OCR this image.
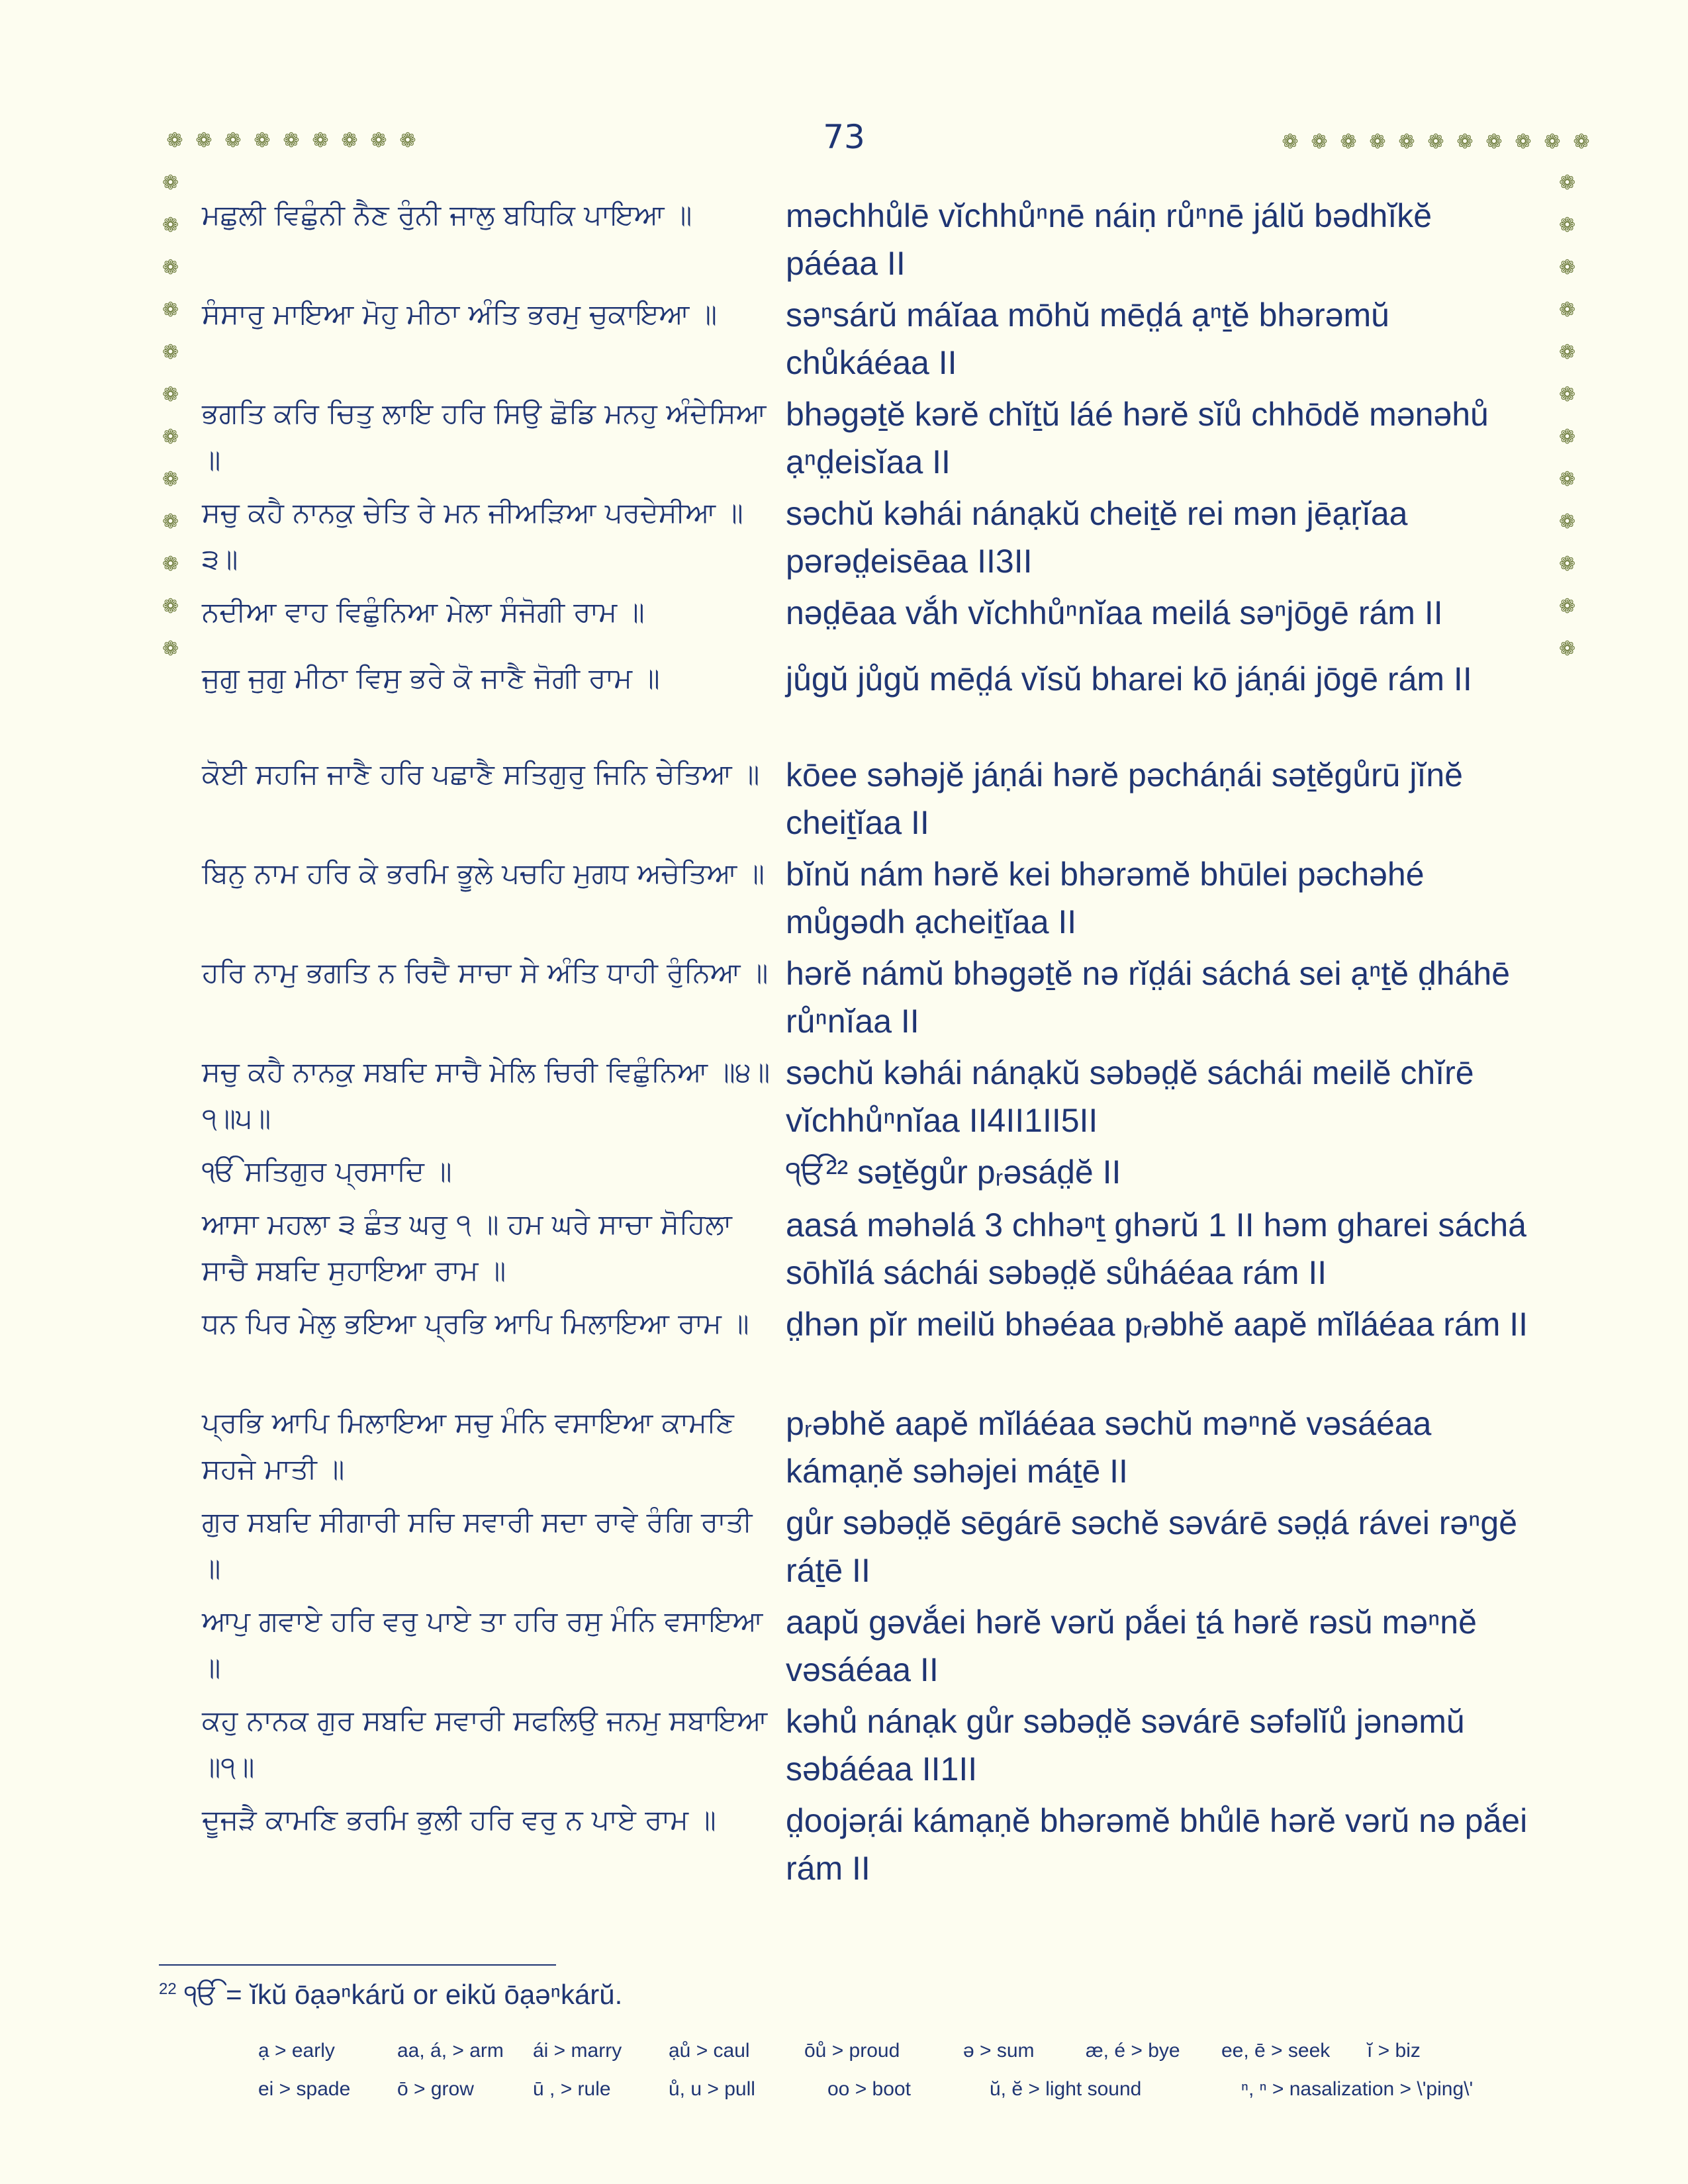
73
❁ ❁ ❁ ❁ ❁ ❁ ❁ ❁ ❁	❁ ❁ ❁ ❁ ❁ ❁ ❁ ❁ ❁ ❁ ❁
❁
❁
❁
❁
❁
❁
❁
❁
❁
❁
❁
❁
❁
❁
❁
❁
❁
❁
❁
❁
❁
❁
❁
❁
ਮਛੁਲੀ ਵਿਛੁੰਨੀ ਨੈਣ ਰੁੰਨੀ ਜਾਲੁ ਬਧਿਕਿ ਪਾਇਆ ॥	məchhůlē vĭchhůⁿnē náiṇ růⁿnē jálŭ bədhĭkĕ páéaa II
ਸੰਸਾਰੁ ਮਾਇਆ ਮੋਹੁ ਮੀਠਾ ਅੰਤਿ ਭਰਮੁ ਚੁਕਾਇਆ ॥	səⁿsárŭ máĭaa mōhŭ mēd̤á ạⁿṯĕ bhərəmŭ chůkáéaa II
ਭਗਤਿ ਕਰਿ ਚਿਤੁ ਲਾਇ ਹਰਿ ਸਿਉ ਛੋਡਿ ਮਨਹੁ ਅੰਦੇਸਿਆ ॥
bhəgəṯĕ kərĕ chĭṯŭ láé hərĕ sĭů chhōdĕ mənəhů ạⁿd̤eisĭaa II
ਸਚੁ ਕਹੈ ਨਾਨਕੁ ਚੇਤਿ ਰੇ ਮਨ ਜੀਅੜਿਆ ਪਰਦੇਸੀਆ ॥੩॥
səchŭ kəhái nánạkŭ cheiṯĕ rei mən jēạṛĭaa pərəd̤eisēaa II3II
ਨਦੀਆ ਵਾਹ ਵਿਛੁੰਨਿਆ ਮੇਲਾ ਸੰਜੋਗੀ ਰਾਮ ॥	nəd̤ēaa vắh vĭchhůⁿnĭaa meilá səⁿjōgē rám II
ਜੁਗੁ ਜੁਗੁ ਮੀਠਾ ਵਿਸੁ ਭਰੇ ਕੋ ਜਾਣੈ ਜੋਗੀ ਰਾਮ ॥	jůgŭ jůgŭ mēd̤á vĭsŭ bharei kō jáṇái jōgē rám II
ਕੋਈ ਸਹਜਿ ਜਾਣੈ ਹਰਿ ਪਛਾਣੈ ਸਤਿਗੁਰੁ ਜਿਨਿ ਚੇਤਿਆ ॥ kōee səhəjĕ jáṇái hərĕ pəcháṇái səṯĕgůrū jĭnĕ cheiṯĭaa II
ਬਿਨੁ ਨਾਮ ਹਰਿ ਕੇ ਭਰਮਿ ਭੂਲੇ ਪਚਹਿ ਮੁਗਧ ਅਚੇਤਿਆ ॥ bĭnŭ nám hərĕ kei bhərəmĕ bhūlei pəchəhé můgədh ạcheiṯĭaa II
ਹਰਿ ਨਾਮੁ ਭਗਤਿ ਨ ਰਿਦੈ ਸਾਚਾ ਸੇ ਅੰਤਿ ਧਾਹੀ ਰੁੰਨਿਆ ॥ hərĕ námŭ bhəgəṯĕ nə rĭd̤ái sáchá sei ạⁿṯĕ d̤háhē růⁿnĭaa II
ਸਚੁ ਕਹੈ ਨਾਨਕੁ ਸਬਦਿ ਸਾਚੈ ਮੇਲਿ ਚਿਰੀ ਵਿਛੁੰਨਿਆ ॥੪॥੧॥੫॥
səchŭ kəhái nánạkŭ səbəd̤ĕ sáchái meilĕ chĭrē vĭchhůⁿnĭaa II4II1II5II
ੴ ਸਤਿਗੁਰ ਪ੍ਰਸਾਦਿ ॥	ੴ²² səṯĕgůr pᵣəsád̤ĕ II
ਆਸਾ ਮਹਲਾ ੩ ਛੰਤ ਘਰੁ ੧ ॥ ਹਮ ਘਰੇ ਸਾਚਾ ਸੋਹਿਲਾ ਸਾਚੈ ਸਬਦਿ ਸੁਹਾਇਆ ਰਾਮ ॥
aasá məhəlá 3 chhəⁿṯ ghərŭ 1 II həm gharei sáchá sōhĭlá sáchái səbəd̤ĕ sůháéaa rám II
ਧਨ ਪਿਰ ਮੇਲੁ ਭਇਆ ਪ੍ਰਭਿ ਆਪਿ ਮਿਲਾਇਆ ਰਾਮ ॥	d̤hən pĭr meilŭ bhəéaa pᵣəbhĕ aapĕ mĭláéaa rám II
ਪ੍ਰਭਿ ਆਪਿ ਮਿਲਾਇਆ ਸਚੁ ਮੰਨਿ ਵਸਾਇਆ ਕਾਮਣਿ ਸਹਜੇ ਮਾਤੀ ॥
pᵣəbhĕ aapĕ mĭláéaa səchŭ məⁿnĕ vəsáéaa kámạṇĕ səhəjei máṯē II
ਗੁਰ ਸਬਦਿ ਸੀਗਾਰੀ ਸਚਿ ਸਵਾਰੀ ਸਦਾ ਰਾਵੇ ਰੰਗਿ ਰਾਤੀ ॥
gůr səbəd̤ĕ sēgárē səchĕ səvárē səd̤á rávei rəⁿgĕ ráṯē II
ਆਪੁ ਗਵਾਏ ਹਰਿ ਵਰੁ ਪਾਏ ਤਾ ਹਰਿ ਰਸੁ ਮੰਨਿ ਵਸਾਇਆ ॥
aapŭ gəvắei hərĕ vərŭ pắei ṯá hərĕ rəsŭ məⁿnĕ vəsáéaa II
ਕਹੁ ਨਾਨਕ ਗੁਰ ਸਬਦਿ ਸਵਾਰੀ ਸਫਲਿਉ ਜਨਮੁ ਸਬਾਇਆ ॥੧॥
kəhů nánạk gůr səbəd̤ĕ səvárē səfəlĭů jənəmŭ səbáéaa II1II
ਦੂਜੜੈ ਕਾਮਣਿ ਭਰਮਿ ਭੁਲੀ ਹਰਿ ਵਰੁ ਨ ਪਾਏ ਰਾਮ ॥	d̤oojəṛái kámạṇĕ bhərəmĕ bhůlē hərĕ vərŭ nə pắei rám II
$^{22}$ ੴ = ĭkŭ ōạəⁿkárŭ or eikŭ ōạəⁿkárŭ.
ạ > early	aa, á, > arm	ái > marry	ạů > caul	ōů > proud	ə > sum	æ, é > bye	ee, ē > seek	ĭ > biz
ei > spade	ō > grow	ū , > rule	ů, u > pull	oo > boot	ŭ, ĕ > light sound	ⁿ, ⁿ > nasalization > \'ping\'
